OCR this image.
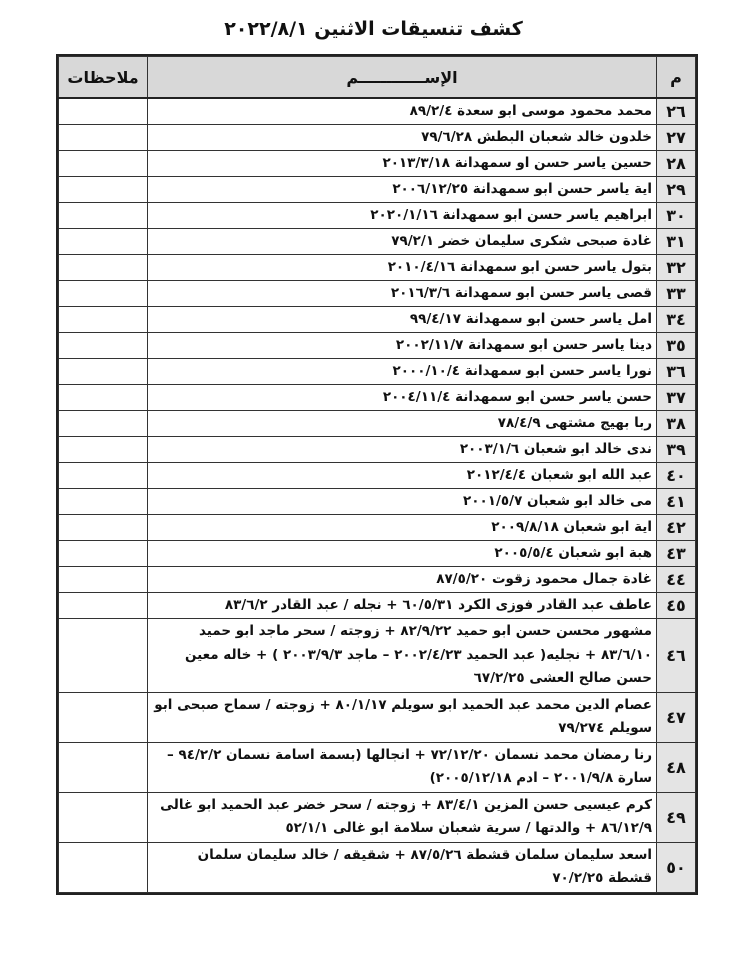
كشف تنسيقات الاثنين ٢٠٢٢/٨/١
م	الإســــــــــــم	ملاحظات
٢٦	محمد محمود موسى ابو سعدة ٨٩/٢/٤	
٢٧	خلدون خالد شعبان البطش ٧٩/٦/٢٨	
٢٨	حسين ياسر حسن او سمهدانة ٢٠١٣/٣/١٨	
٢٩	اية ياسر حسن ابو سمهدانة ٢٠٠٦/١٢/٢٥	
٣٠	ابراهيم ياسر حسن ابو سمهدانة ٢٠٢٠/١/١٦	
٣١	غادة صبحى شكرى سليمان خضر ٧٩/٢/١	
٣٢	بتول ياسر حسن ابو سمهدانة ٢٠١٠/٤/١٦	
٣٣	قصى ياسر حسن ابو سمهدانة ٢٠١٦/٣/٦	
٣٤	امل ياسر حسن ابو سمهدانة ٩٩/٤/١٧	
٣٥	دينا ياسر حسن ابو سمهدانة ٢٠٠٢/١١/٧	
٣٦	نورا ياسر حسن ابو سمهدانة ٢٠٠٠/١٠/٤	
٣٧	حسن ياسر حسن ابو سمهدانة ٢٠٠٤/١١/٤	
٣٨	ربا بهيج مشتهى ٧٨/٤/٩	
٣٩	ندى خالد ابو شعبان ٢٠٠٣/١/٦	
٤٠	عبد الله ابو شعبان ٢٠١٢/٤/٤	
٤١	مى خالد ابو شعبان ٢٠٠١/٥/٧	
٤٢	اية ابو شعبان ٢٠٠٩/٨/١٨	
٤٣	هبة ابو شعبان ٢٠٠٥/٥/٤	
٤٤	غادة جمال محمود زقوت ٨٧/٥/٢٠	
٤٥	عاطف عبد القادر فوزى الكرد ٦٠/٥/٣١ + نجله / عبد القادر ٨٣/٦/٢	
٤٦	مشهور محسن حسن ابو حميد ٨٢/٩/٢٢ + زوجته / سحر ماجد ابو حميد ٨٣/٦/١٠ + نجليه( عبد الحميد ٢٠٠٢/٤/٢٣ – ماجد ٢٠٠٣/٩/٣ ) + خاله معين حسن صالح العشى ٦٧/٢/٢٥	
٤٧	عصام الدين محمد عبد الحميد ابو سويلم ٨٠/١/١٧ + زوجته / سماح صبحى ابو سويلم ٧٩/٢٧٤	
٤٨	رنا رمضان محمد نسمان ٧٢/١٢/٢٠ + انجالها (بسمة اسامة نسمان ٩٤/٢/٢ – سارة ٢٠٠١/٩/٨ – ادم ٢٠٠٥/١٢/١٨)	
٤٩	كرم عيسيى حسن المزين ٨٣/٤/١ + زوجته / سحر خضر عبد الحميد ابو غالى ٨٦/١٢/٩ + والدتها / سرية شعبان سلامة ابو غالى ٥٢/١/١	
٥٠	اسعد سليمان سلمان قشطة ٨٧/٥/٢٦ + شقيقه / خالد سليمان سلمان قشطة ٧٠/٢/٢٥	
